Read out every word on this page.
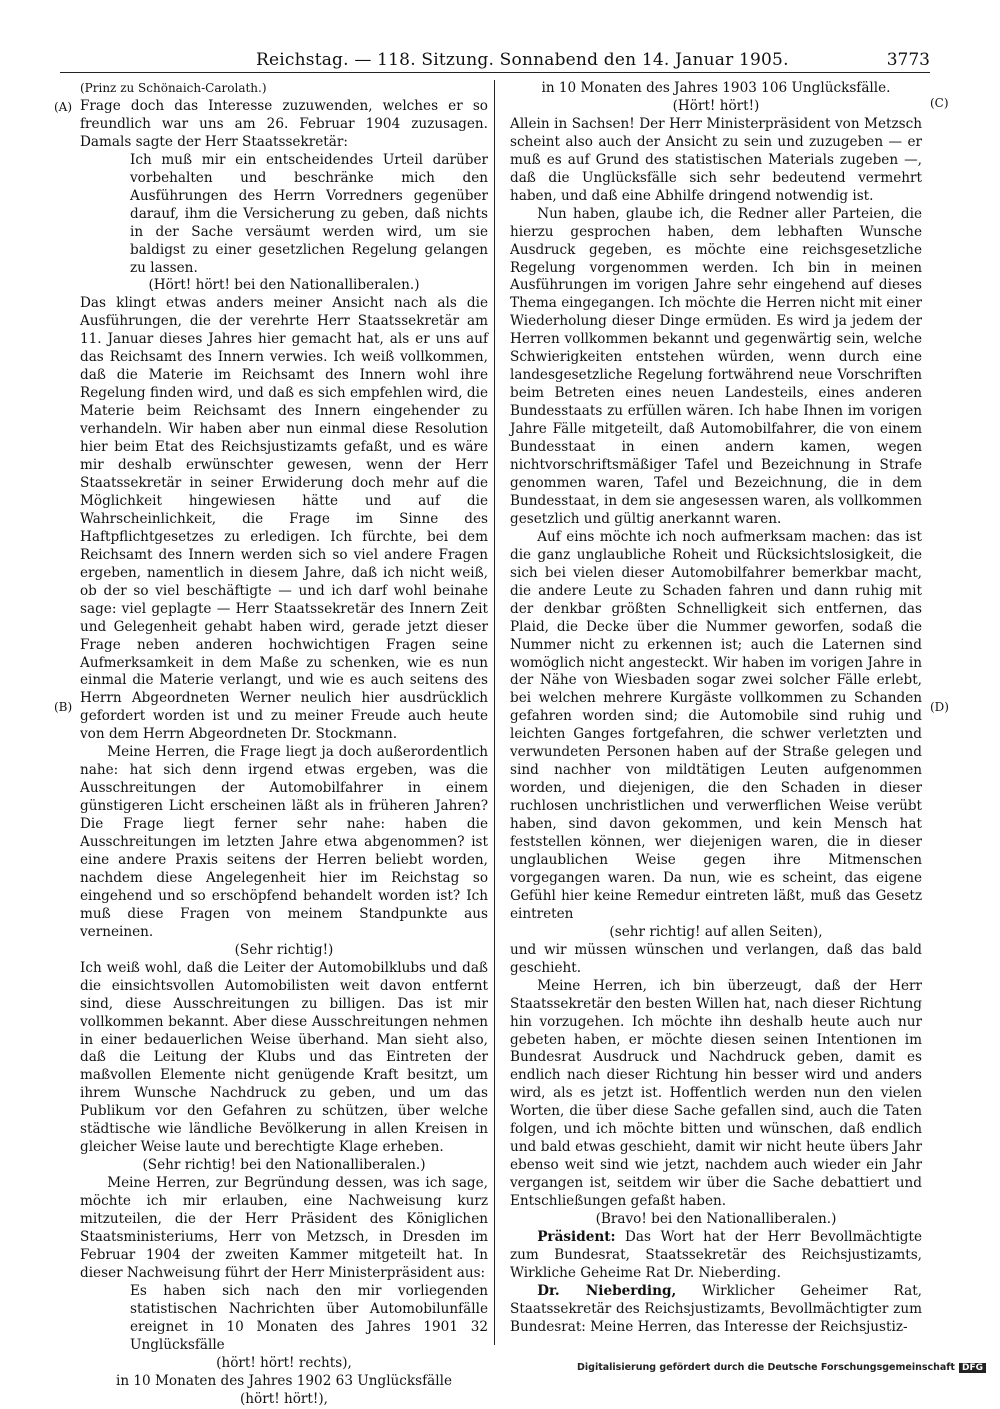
Reichstag. — 118. Sitzung. Sonnabend den 14. Januar 1905.	3773
(A)
(B)
(C)
(D)

(Prinz zu Schönaich-Carolath.)

Frage doch das Interesse zuzuwenden, welches er so freundlich war uns am 26. Februar 1904 zuzusagen. Damals sagte der Herr Staatssekretär:

Ich muß mir ein entscheidendes Urteil darüber vorbehalten und beschränke mich den Ausführungen des Herrn Vorredners gegenüber darauf, ihm die Versicherung zu geben, daß nichts in der Sache versäumt werden wird, um sie baldigst zu einer gesetzlichen Regelung gelangen zu lassen.

(Hört! hört! bei den Nationalliberalen.)

Das klingt etwas anders meiner Ansicht nach als die Ausführungen, die der verehrte Herr Staatssekretär am 11. Januar dieses Jahres hier gemacht hat, als er uns auf das Reichsamt des Innern verwies. Ich weiß vollkommen, daß die Materie im Reichsamt des Innern wohl ihre Regelung finden wird, und daß es sich empfehlen wird, die Materie beim Reichsamt des Innern eingehender zu verhandeln. Wir haben aber nun einmal diese Resolution hier beim Etat des Reichsjustizamts gefaßt, und es wäre mir deshalb erwünschter gewesen, wenn der Herr Staatssekretär in seiner Erwiderung doch mehr auf die Möglichkeit hingewiesen hätte und auf die Wahrscheinlichkeit, die Frage im Sinne des Haftpflichtgesetzes zu erledigen. Ich fürchte, bei dem Reichsamt des Innern werden sich so viel andere Fragen ergeben, namentlich in diesem Jahre, daß ich nicht weiß, ob der so viel beschäftigte — und ich darf wohl beinahe sage: viel geplagte — Herr Staatssekretär des Innern Zeit und Gelegenheit gehabt haben wird, gerade jetzt dieser Frage neben anderen hochwichtigen Fragen seine Aufmerksamkeit in dem Maße zu schenken, wie es nun einmal die Materie verlangt, und wie es auch seitens des Herrn Abgeordneten Werner neulich hier ausdrücklich gefordert worden ist und zu meiner Freude auch heute von dem Herrn Abgeordneten Dr. Stockmann.

Meine Herren, die Frage liegt ja doch außerordentlich nahe: hat sich denn irgend etwas ergeben, was die Ausschreitungen der Automobilfahrer in einem günstigeren Licht erscheinen läßt als in früheren Jahren? Die Frage liegt ferner sehr nahe: haben die Ausschreitungen im letzten Jahre etwa abgenommen? ist eine andere Praxis seitens der Herren beliebt worden, nachdem diese Angelegenheit hier im Reichstag so eingehend und so erschöpfend behandelt worden ist? Ich muß diese Fragen von meinem Standpunkte aus verneinen.

(Sehr richtig!)

Ich weiß wohl, daß die Leiter der Automobilklubs und daß die einsichtsvollen Automobilisten weit davon entfernt sind, diese Ausschreitungen zu billigen. Das ist mir vollkommen bekannt. Aber diese Ausschreitungen nehmen in einer bedauerlichen Weise überhand. Man sieht also, daß die Leitung der Klubs und das Eintreten der maßvollen Elemente nicht genügende Kraft besitzt, um ihrem Wunsche Nachdruck zu geben, und um das Publikum vor den Gefahren zu schützen, über welche städtische wie ländliche Bevölkerung in allen Kreisen in gleicher Weise laute und berechtigte Klage erheben.

(Sehr richtig! bei den Nationalliberalen.)

Meine Herren, zur Begründung dessen, was ich sage, möchte ich mir erlauben, eine Nachweisung kurz mitzuteilen, die der Herr Präsident des Königlichen Staatsministeriums, Herr von Metzsch, in Dresden im Februar 1904 der zweiten Kammer mitgeteilt hat. In dieser Nachweisung führt der Herr Ministerpräsident aus:

Es haben sich nach den mir vorliegenden statistischen Nachrichten über Automobilunfälle ereignet in 10 Monaten des Jahres 1901 32 Unglücksfälle

(hört! hört! rechts),

in 10 Monaten des Jahres 1902 63 Unglücksfälle

(hört! hört!),

in 10 Monaten des Jahres 1903 106 Unglücksfälle.

(Hört! hört!)

Allein in Sachsen! Der Herr Ministerpräsident von Metzsch scheint also auch der Ansicht zu sein und zuzugeben — er muß es auf Grund des statistischen Materials zugeben —, daß die Unglücksfälle sich sehr bedeutend vermehrt haben, und daß eine Abhilfe dringend notwendig ist.

Nun haben, glaube ich, die Redner aller Parteien, die hierzu gesprochen haben, dem lebhaften Wunsche Ausdruck gegeben, es möchte eine reichsgesetzliche Regelung vorgenommen werden. Ich bin in meinen Ausführungen im vorigen Jahre sehr eingehend auf dieses Thema eingegangen. Ich möchte die Herren nicht mit einer Wiederholung dieser Dinge ermüden. Es wird ja jedem der Herren vollkommen bekannt und gegenwärtig sein, welche Schwierigkeiten entstehen würden, wenn durch eine landesgesetzliche Regelung fortwährend neue Vorschriften beim Betreten eines neuen Landesteils, eines anderen Bundesstaats zu erfüllen wären. Ich habe Ihnen im vorigen Jahre Fälle mitgeteilt, daß Automobilfahrer, die von einem Bundesstaat in einen andern kamen, wegen nichtvorschriftsmäßiger Tafel und Bezeichnung in Strafe genommen waren, Tafel und Bezeichnung, die in dem Bundesstaat, in dem sie angesessen waren, als vollkommen gesetzlich und gültig anerkannt waren.

Auf eins möchte ich noch aufmerksam machen: das ist die ganz unglaubliche Roheit und Rücksichtslosigkeit, die sich bei vielen dieser Automobilfahrer bemerkbar macht, die andere Leute zu Schaden fahren und dann ruhig mit der denkbar größten Schnelligkeit sich entfernen, das Plaid, die Decke über die Nummer geworfen, sodaß die Nummer nicht zu erkennen ist; auch die Laternen sind womöglich nicht angesteckt. Wir haben im vorigen Jahre in der Nähe von Wiesbaden sogar zwei solcher Fälle erlebt, bei welchen mehrere Kurgäste vollkommen zu Schanden gefahren worden sind; die Automobile sind ruhig und leichten Ganges fortgefahren, die schwer verletzten und verwundeten Personen haben auf der Straße gelegen und sind nachher von mildtätigen Leuten aufgenommen worden, und diejenigen, die den Schaden in dieser ruchlosen unchristlichen und verwerflichen Weise verübt haben, sind davon gekommen, und kein Mensch hat feststellen können, wer diejenigen waren, die in dieser unglaublichen Weise gegen ihre Mitmenschen vorgegangen waren. Da nun, wie es scheint, das eigene Gefühl hier keine Remedur eintreten läßt, muß das Gesetz eintreten

(sehr richtig! auf allen Seiten),

und wir müssen wünschen und verlangen, daß das bald geschieht.

Meine Herren, ich bin überzeugt, daß der Herr Staatssekretär den besten Willen hat, nach dieser Richtung hin vorzugehen. Ich möchte ihn deshalb heute auch nur gebeten haben, er möchte diesen seinen Intentionen im Bundesrat Ausdruck und Nachdruck geben, damit es endlich nach dieser Richtung hin besser wird und anders wird, als es jetzt ist. Hoffentlich werden nun den vielen Worten, die über diese Sache gefallen sind, auch die Taten folgen, und ich möchte bitten und wünschen, daß endlich und bald etwas geschieht, damit wir nicht heute übers Jahr ebenso weit sind wie jetzt, nachdem auch wieder ein Jahr vergangen ist, seitdem wir über die Sache debattiert und Entschließungen gefaßt haben.

(Bravo! bei den Nationalliberalen.)

Präsident: Das Wort hat der Herr Bevollmächtigte zum Bundesrat, Staatssekretär des Reichsjustizamts, Wirkliche Geheime Rat Dr. Nieberding.

Dr. Nieberding, Wirklicher Geheimer Rat, Staatssekretär des Reichsjustizamts, Bevollmächtigter zum Bundesrat: Meine Herren, das Interesse der Reichsjustiz-

Digitalisierung gefördert durch die Deutsche Forschungsgemeinschaft DFG
